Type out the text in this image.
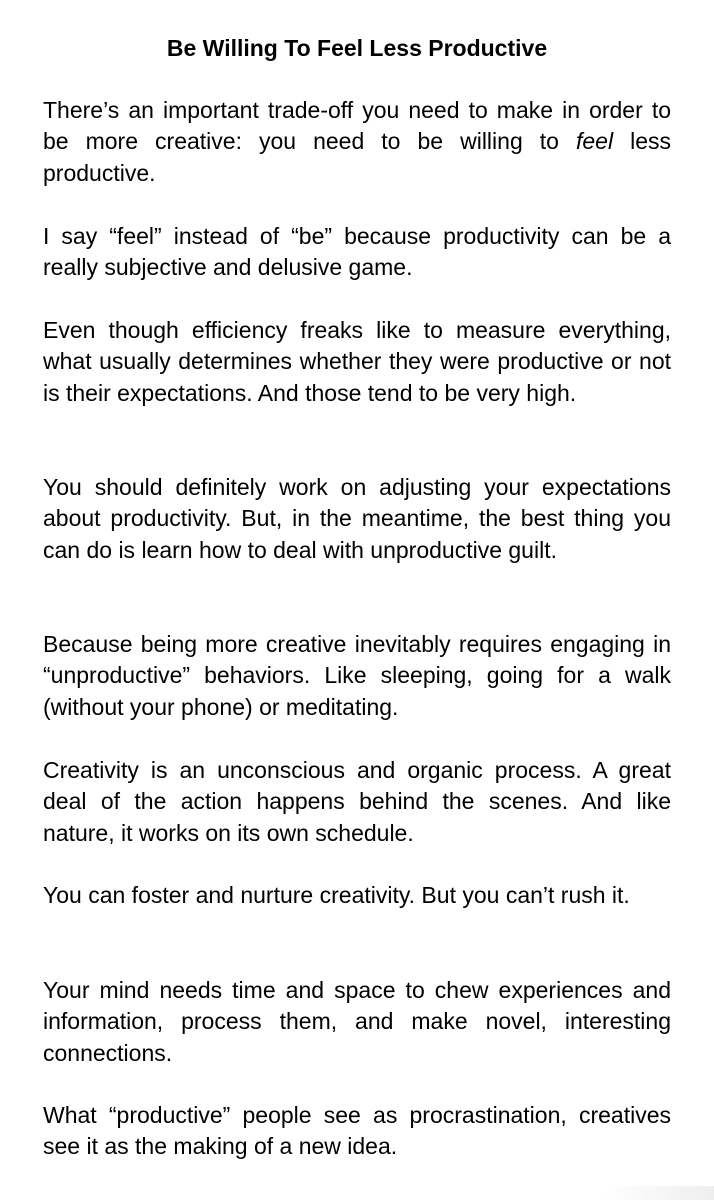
Be Willing To Feel Less Productive

There’s an important trade-off you need to make in order to be more creative: you need to be willing to feel less productive.

I say “feel” instead of “be” because productivity can be a really subjective and delusive game.

Even though efficiency freaks like to measure everything, what usually determines whether they were productive or not is their expectations. And those tend to be very high.

You should definitely work on adjusting your expectations about productivity. But, in the meantime, the best thing you can do is learn how to deal with unproductive guilt.

Because being more creative inevitably requires engaging in “unproductive” behaviors. Like sleeping, going for a walk (without your phone) or meditating.

Creativity is an unconscious and organic process. A great deal of the action happens behind the scenes. And like nature, it works on its own schedule.

You can foster and nurture creativity. But you can’t rush it.

Your mind needs time and space to chew experiences and information, process them, and make novel, interesting connections.

What “productive” people see as procrastination, creatives see it as the making of a new idea.
